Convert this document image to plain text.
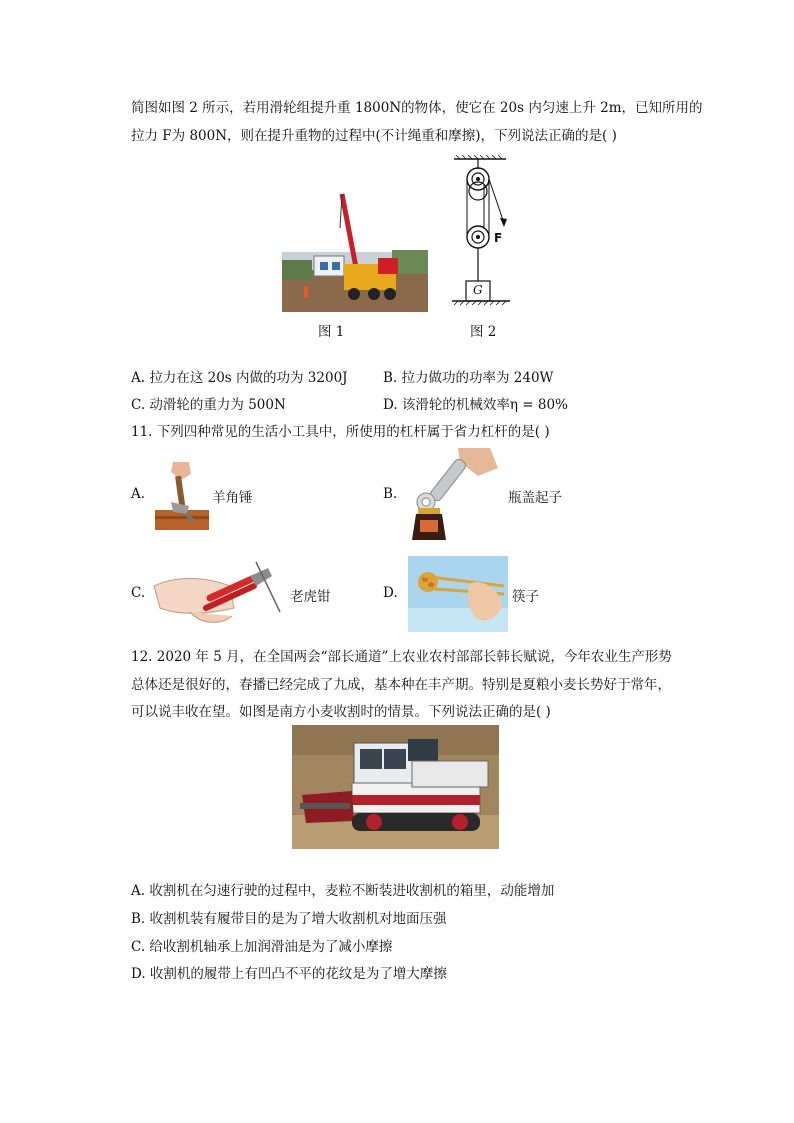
简图如图 2 所示，若用滑轮组提升重 1800N的物体，使它在 20s 内匀速上升 2m，已知所用的
拉力 F为 800N，则在提升重物的过程中(不计绳重和摩擦)，下列说法正确的是( )
图 1
F
G
图 2
A. 拉力在这 20s 内做的功为 3200J	B. 拉力做功的功率为 240W
C. 动滑轮的重力为 500N	D. 该滑轮的机械效率η = 80%
11. 下列四种常见的生活小工具中，所使用的杠杆属于省力杠杆的是( )
A.	羊角锤	B.	瓶盖起子
C.	老虎钳	D.	筷子
12. 2020 年 5 月，在全国两会“部长通道”上农业农村部部长韩长赋说，今年农业生产形势
总体还是很好的，春播已经完成了九成，基本种在丰产期。特别是夏粮小麦长势好于常年，
可以说丰收在望。如图是南方小麦收割时的情景。下列说法正确的是( )
A. 收割机在匀速行驶的过程中，麦粒不断装进收割机的箱里，动能增加
B. 收割机装有履带目的是为了增大收割机对地面压强
C. 给收割机轴承上加润滑油是为了减小摩擦
D. 收割机的履带上有凹凸不平的花纹是为了增大摩擦
